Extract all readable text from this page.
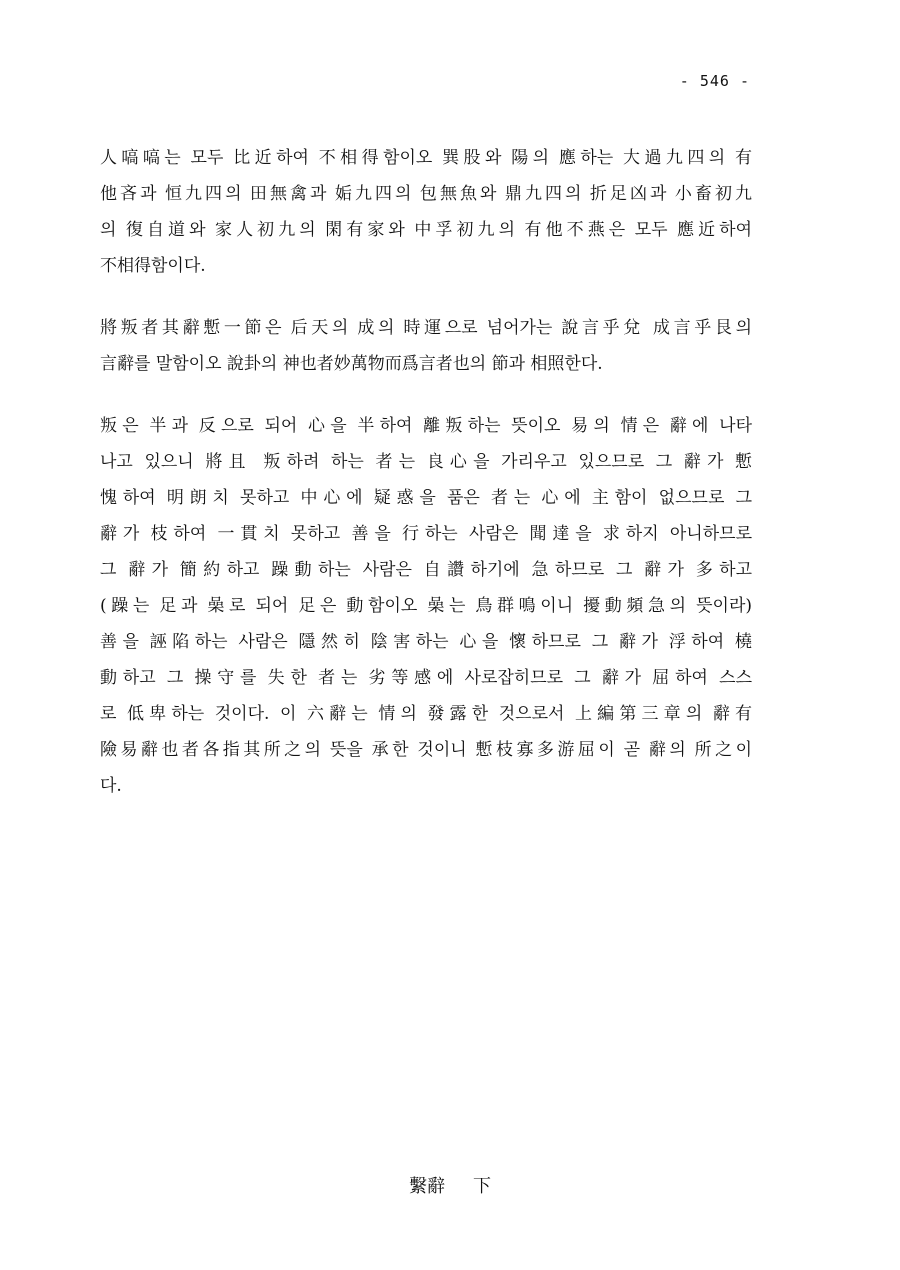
- 546 -
人嗃嗃는 모두 比近하여 不相得함이오 巽股와 陽의 應하는 大過九四의 有
他吝과 恒九四의 田無禽과 姤九四의 包無魚와 鼎九四의 折足凶과 小畜初九
의 復自道와 家人初九의 閑有家와 中孚初九의 有他不燕은 모두 應近하여
不相得함이다.
將叛者其辭慙一節은 后天의 成의 時運으로 넘어가는 說言乎兌 成言乎艮의
言辭를 말함이오 說卦의 神也者妙萬物而爲言者也의 節과 相照한다.
叛은 半과 反으로 되어 心을 半하여 離叛하는 뜻이오 易의 情은 辭에 나타
나고 있으니 將且 叛하려 하는 者는 良心을 가리우고 있으므로 그 辭가 慙
愧하여 明朗치 못하고 中心에 疑惑을 품은 者는 心에 主함이 없으므로 그
辭가 枝하여 一貫치 못하고 善을 行하는 사람은 聞達을 求하지 아니하므로
그 辭가 簡約하고 躁動하는 사람은 自讚하기에 急하므로 그 辭가 多하고
(躁는 足과 喿로 되어 足은 動함이오 喿는 鳥群鳴이니 擾動頻急의 뜻이라)
善을 誣陷하는 사람은 隱然히 陰害하는 心을 懷하므로 그 辭가 浮하여 橈
動하고 그 操守를 失한 者는 劣等感에 사로잡히므로 그 辭가 屈하여 스스
로 低卑하는 것이다. 이 六辭는 情의 發露한 것으로서 上編第三章의 辭有
險易辭也者各指其所之의 뜻을 承한 것이니 慙枝寡多游屈이 곧 辭의 所之이
다.
繫辭 下
